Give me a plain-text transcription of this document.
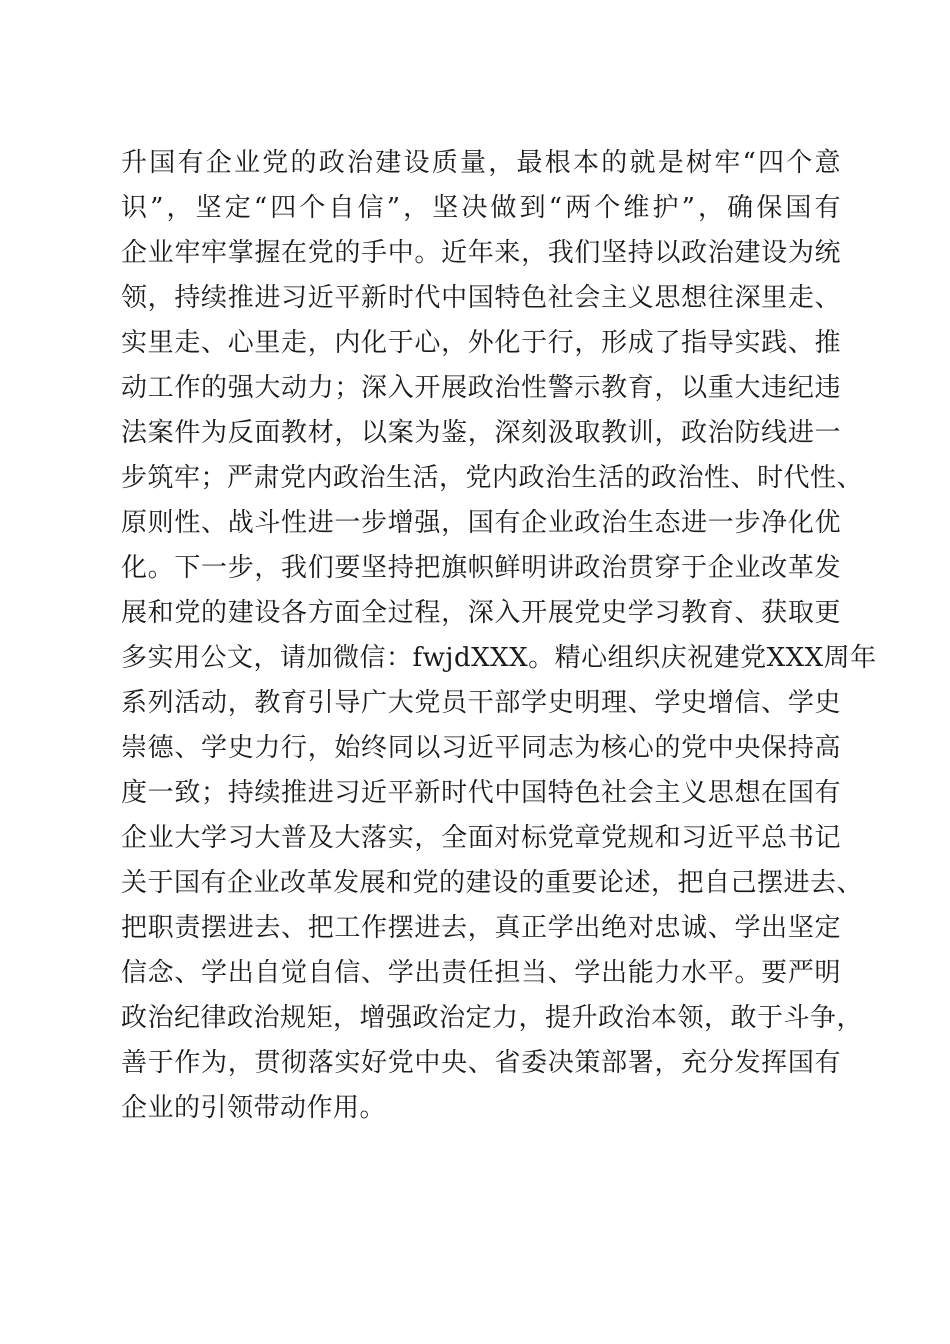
升国有企业党的政治建设质量，最根本的就是树牢“四个意
识”，坚定“四个自信”，坚决做到“两个维护”，确保国有
企业牢牢掌握在党的手中。近年来，我们坚持以政治建设为统
领，持续推进习近平新时代中国特色社会主义思想往深里走、
实里走、心里走，内化于心，外化于行，形成了指导实践、推
动工作的强大动力；深入开展政治性警示教育，以重大违纪违
法案件为反面教材，以案为鉴，深刻汲取教训，政治防线进一
步筑牢；严肃党内政治生活，党内政治生活的政治性、时代性、
原则性、战斗性进一步增强，国有企业政治生态进一步净化优
化。下一步，我们要坚持把旗帜鲜明讲政治贯穿于企业改革发
展和党的建设各方面全过程，深入开展党史学习教育、获取更
多实用公文，请加微信：fwjdXXX。精心组织庆祝建党XXX周年
系列活动，教育引导广大党员干部学史明理、学史增信、学史
崇德、学史力行，始终同以习近平同志为核心的党中央保持高
度一致；持续推进习近平新时代中国特色社会主义思想在国有
企业大学习大普及大落实，全面对标党章党规和习近平总书记
关于国有企业改革发展和党的建设的重要论述，把自己摆进去、
把职责摆进去、把工作摆进去，真正学出绝对忠诚、学出坚定
信念、学出自觉自信、学出责任担当、学出能力水平。要严明
政治纪律政治规矩，增强政治定力，提升政治本领，敢于斗争，
善于作为，贯彻落实好党中央、省委决策部署，充分发挥国有
企业的引领带动作用。
